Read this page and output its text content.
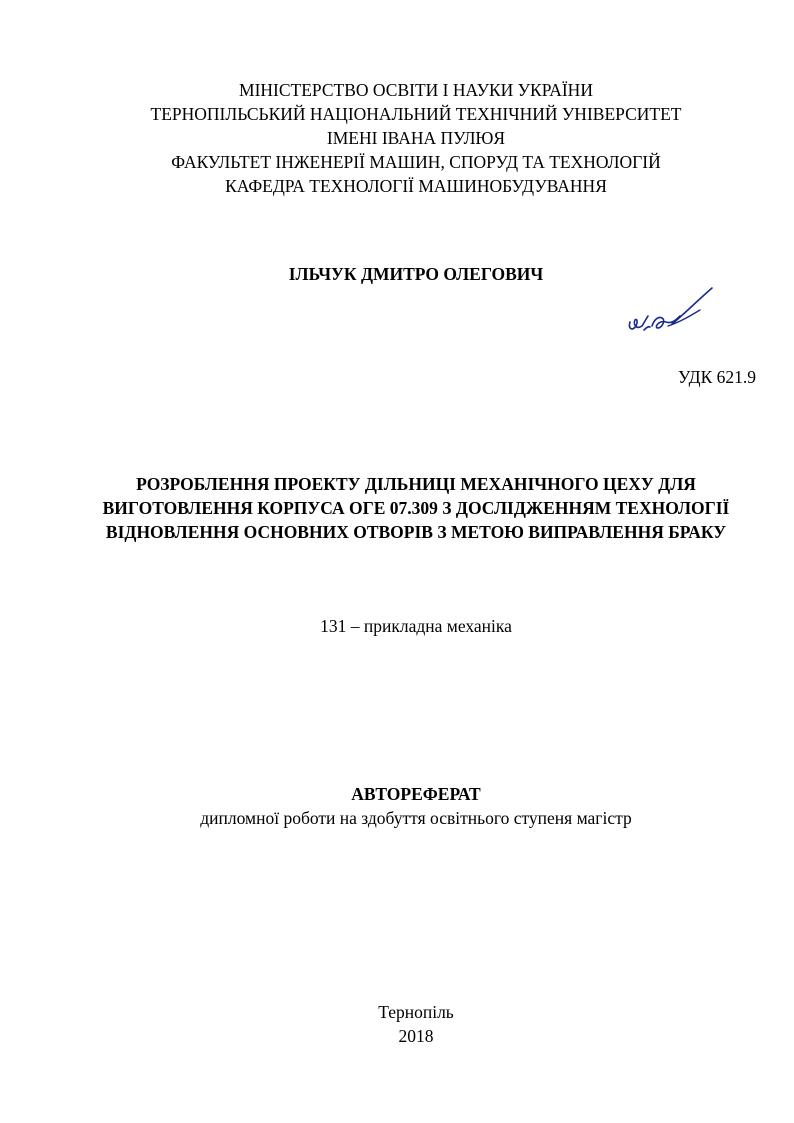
МІНІСТЕРСТВО ОСВІТИ І НАУКИ УКРАЇНИ
ТЕРНОПІЛЬСЬКИЙ НАЦІОНАЛЬНИЙ ТЕХНІЧНИЙ УНІВЕРСИТЕТ
ІМЕНІ ІВАНА ПУЛЮЯ
ФАКУЛЬТЕТ ІНЖЕНЕРІЇ МАШИН, СПОРУД ТА ТЕХНОЛОГІЙ
КАФЕДРА ТЕХНОЛОГІЇ МАШИНОБУДУВАННЯ
ІЛЬЧУК ДМИТРО ОЛЕГОВИЧ
УДК 621.9
РОЗРОБЛЕННЯ ПРОЕКТУ ДІЛЬНИЦІ МЕХАНІЧНОГО ЦЕХУ ДЛЯ
ВИГОТОВЛЕННЯ КОРПУСА ОГЕ 07.309 З ДОСЛІДЖЕННЯМ ТЕХНОЛОГІЇ
ВІДНОВЛЕННЯ ОСНОВНИХ ОТВОРІВ З МЕТОЮ ВИПРАВЛЕННЯ БРАКУ
131 – прикладна механіка
АВТОРЕФЕРАТ
дипломної роботи на здобуття освітнього ступеня магістр
Тернопіль
2018
